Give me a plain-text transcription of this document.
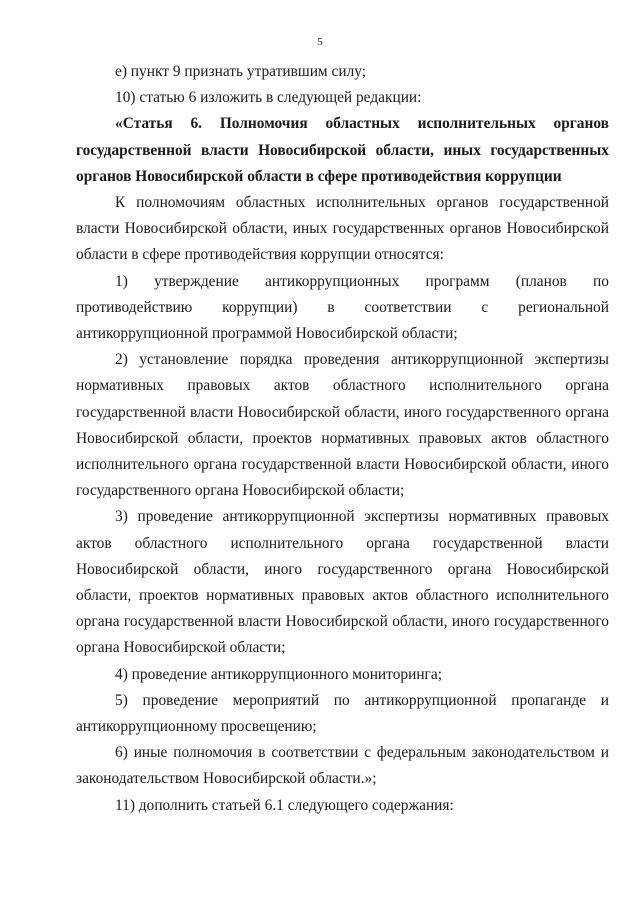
5

е) пункт 9 признать утратившим силу;

10) статью 6 изложить в следующей редакции:

«Статья 6. Полномочия областных исполнительных органов государственной власти Новосибирской области, иных государственных органов Новосибирской области в сфере противодействия коррупции

К полномочиям областных исполнительных органов государственной власти Новосибирской области, иных государственных органов Новосибирской области в сфере противодействия коррупции относятся:

1) утверждение антикоррупционных программ (планов по противодействию коррупции) в соответствии с региональной антикоррупционной программой Новосибирской области;

2) установление порядка проведения антикоррупционной экспертизы нормативных правовых актов областного исполнительного органа государственной власти Новосибирской области, иного государственного органа Новосибирской области, проектов нормативных правовых актов областного исполнительного органа государственной власти Новосибирской области, иного государственного органа Новосибирской области;

3) проведение антикоррупционной экспертизы нормативных правовых актов областного исполнительного органа государственной власти Новосибирской области, иного государственного органа Новосибирской области, проектов нормативных правовых актов областного исполнительного органа государственной власти Новосибирской области, иного государственного органа Новосибирской области;

4) проведение антикоррупционного мониторинга;

5) проведение мероприятий по антикоррупционной пропаганде и антикоррупционному просвещению;

6) иные полномочия в соответствии с федеральным законодательством и законодательством Новосибирской области.»;

11) дополнить статьей 6.1 следующего содержания:
